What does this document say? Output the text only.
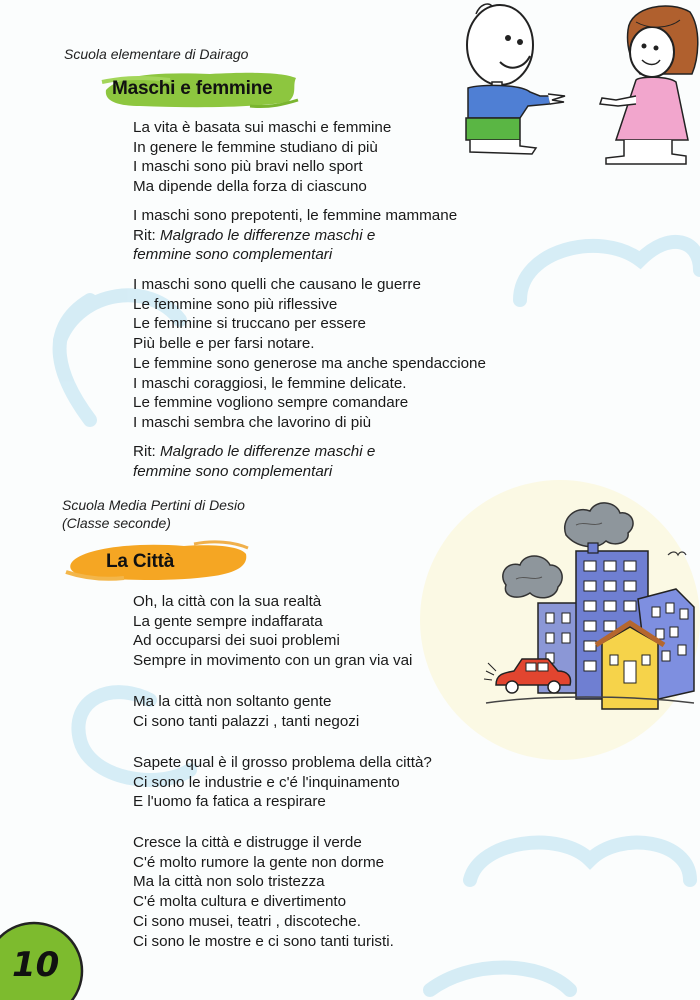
Scuola elementare di Dairago
Maschi e femmine
La vita è basata sui maschi e femmine
In genere le femmine studiano di più
I maschi sono più bravi nello sport
Ma dipende della forza di ciascuno
I maschi sono prepotenti, le femmine mammane
Rit: Malgrado le differenze maschi e
femmine sono complementari
I maschi sono quelli che causano le guerre
Le femmine sono più riflessive
Le femmine si truccano per essere
Più belle e per farsi notare.
Le femmine sono generose ma anche spendaccione
I maschi coraggiosi, le femmine delicate.
Le femmine vogliono sempre comandare
I maschi sembra che lavorino di più
Rit: Malgrado le differenze maschi e
femmine sono complementari
Scuola Media Pertini di Desio
(Classe seconde)
La Città
Oh, la città con la sua realtà
La gente sempre indaffarata
Ad occuparsi dei suoi problemi
Sempre in movimento con un gran via vai
Ma la città non soltanto gente
Ci sono tanti palazzi , tanti negozi
Sapete qual è il grosso problema della città?
Ci sono le industrie e c'é l'inquinamento
E l'uomo fa fatica a respirare
Cresce la città e distrugge il verde
C'é molto rumore la gente non dorme
Ma la città non solo tristezza
C'é molta cultura e divertimento
Ci sono musei, teatri , discoteche.
Ci sono le mostre e ci sono tanti turisti.
10
